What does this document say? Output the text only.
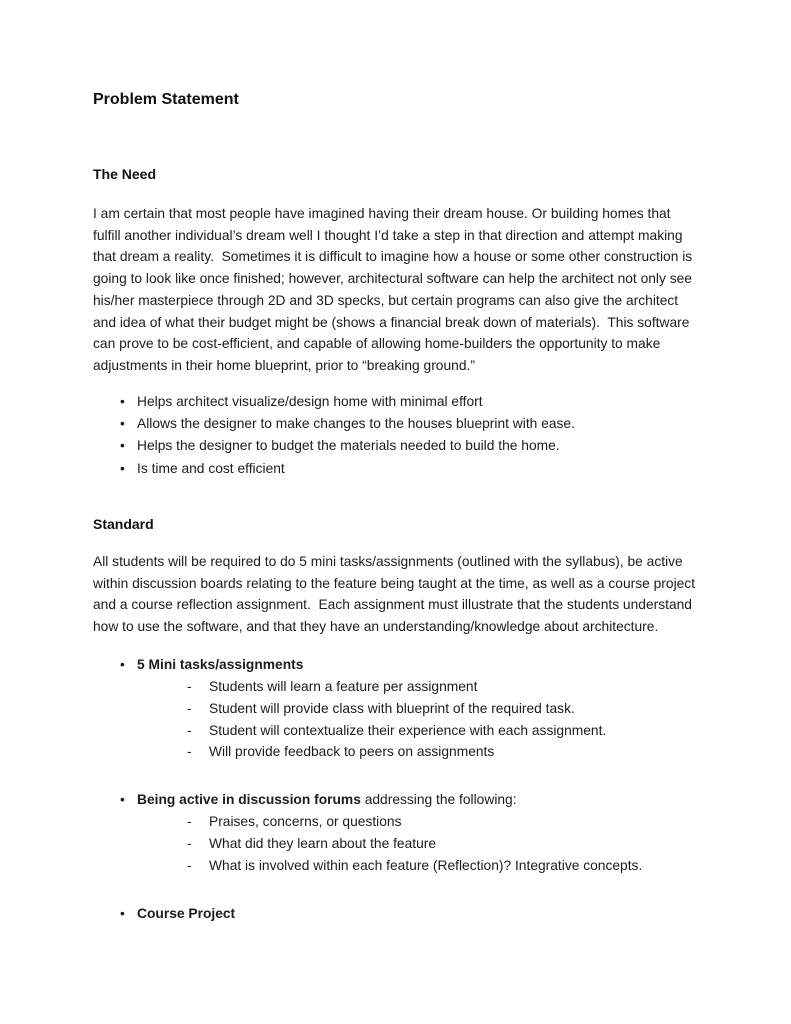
Problem Statement
The Need

I am certain that most people have imagined having their dream house. Or building homes that fulfill another individual’s dream well I thought I’d take a step in that direction and attempt making that dream a reality.  Sometimes it is difficult to imagine how a house or some other construction is going to look like once finished; however, architectural software can help the architect not only see his/her masterpiece through 2D and 3D specks, but certain programs can also give the architect and idea of what their budget might be (shows a financial break down of materials).  This software can prove to be cost-efficient, and capable of allowing home-builders the opportunity to make adjustments in their home blueprint, prior to “breaking ground.”

• Helps architect visualize/design home with minimal effort
• Allows the designer to make changes to the houses blueprint with ease.
• Helps the designer to budget the materials needed to build the home.
• Is time and cost efficient
Standard

All students will be required to do 5 mini tasks/assignments (outlined with the syllabus), be active within discussion boards relating to the feature being taught at the time, as well as a course project and a course reflection assignment.  Each assignment must illustrate that the students understand how to use the software, and that they have an understanding/knowledge about architecture.

• 5 Mini tasks/assignments
-	Students will learn a feature per assignment
-	Student will provide class with blueprint of the required task.
-	Student will contextualize their experience with each assignment.
-	Will provide feedback to peers on assignments
• Being active in discussion forums addressing the following:
-	Praises, concerns, or questions
-	What did they learn about the feature
-	What is involved within each feature (Reflection)? Integrative concepts.
• Course Project
